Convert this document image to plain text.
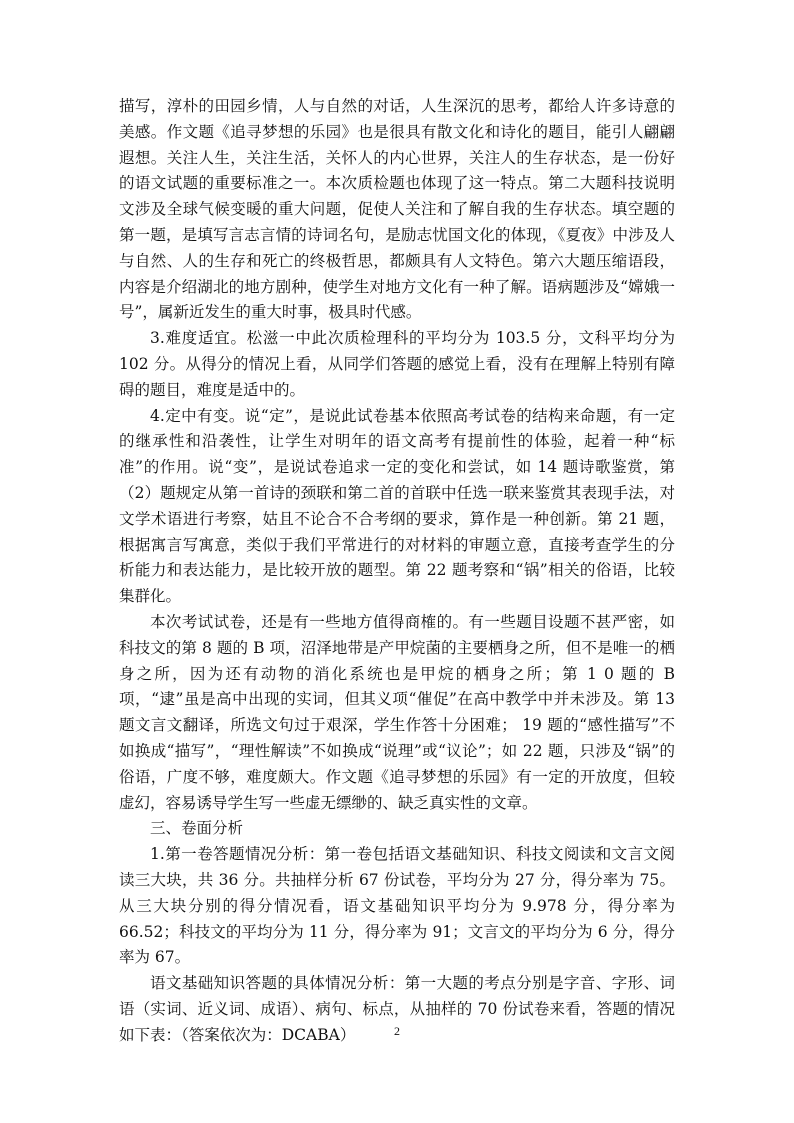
描写，淳朴的田园乡情，人与自然的对话，人生深沉的思考，都给人许多诗意的美感。作文题《追寻梦想的乐园》也是很具有散文化和诗化的题目，能引人翩翩遐想。关注人生，关注生活，关怀人的内心世界，关注人的生存状态，是一份好的语文试题的重要标准之一。本次质检题也体现了这一特点。第二大题科技说明文涉及全球气候变暖的重大问题，促使人关注和了解自我的生存状态。填空题的第一题，是填写言志言情的诗词名句，是励志忧国文化的体现，《夏夜》中涉及人与自然、人的生存和死亡的终极哲思，都颇具有人文特色。第六大题压缩语段，内容是介绍湖北的地方剧种，使学生对地方文化有一种了解。语病题涉及“嫦娥一号”，属新近发生的重大时事，极具时代感。

3.难度适宜。松滋一中此次质检理科的平均分为 103.5 分，文科平均分为 102 分。从得分的情况上看，从同学们答题的感觉上看，没有在理解上特别有障碍的题目，难度是适中的。

4.定中有变。说“定”，是说此试卷基本依照高考试卷的结构来命题，有一定的继承性和沿袭性，让学生对明年的语文高考有提前性的体验，起着一种“标准”的作用。说“变”，是说试卷追求一定的变化和尝试，如 14 题诗歌鉴赏，第（2）题规定从第一首诗的颈联和第二首的首联中任选一联来鉴赏其表现手法，对文学术语进行考察，姑且不论合不合考纲的要求，算作是一种创新。第 21 题，根据寓言写寓意，类似于我们平常进行的对材料的审题立意，直接考查学生的分析能力和表达能力，是比较开放的题型。第 22 题考察和“锅”相关的俗语，比较集群化。

本次考试试卷，还是有一些地方值得商榷的。有一些题目设题不甚严密，如科技文的第 8 题的 B 项，沼泽地带是产甲烷菌的主要栖身之所，但不是唯一的栖身之所，因为还有动物的消化系统也是甲烷的栖身之所；第 1 0 题的 B 项，“逮”虽是高中出现的实词，但其义项“催促”在高中教学中并未涉及。第 13 题文言文翻译，所选文句过于艰深，学生作答十分困难； 19 题的“感性描写”不如换成“描写”，“理性解读”不如换成“说理”或“议论”；如 22 题，只涉及“锅”的俗语，广度不够，难度颇大。作文题《追寻梦想的乐园》有一定的开放度，但较虚幻，容易诱导学生写一些虚无缥缈的、缺乏真实性的文章。

三、卷面分析

1.第一卷答题情况分析：第一卷包括语文基础知识、科技文阅读和文言文阅读三大块，共 36 分。共抽样分析 67 份试卷，平均分为 27 分，得分率为 75。从三大块分别的得分情况看，语文基础知识平均分为 9.978 分，得分率为 66.52；科技文的平均分为 11 分，得分率为 91；文言文的平均分为 6 分，得分率为 67。

语文基础知识答题的具体情况分析：第一大题的考点分别是字音、字形、词语（实词、近义词、成语）、病句、标点，从抽样的 70 份试卷来看，答题的情况如下表：（答案依次为：DCABA）	2
